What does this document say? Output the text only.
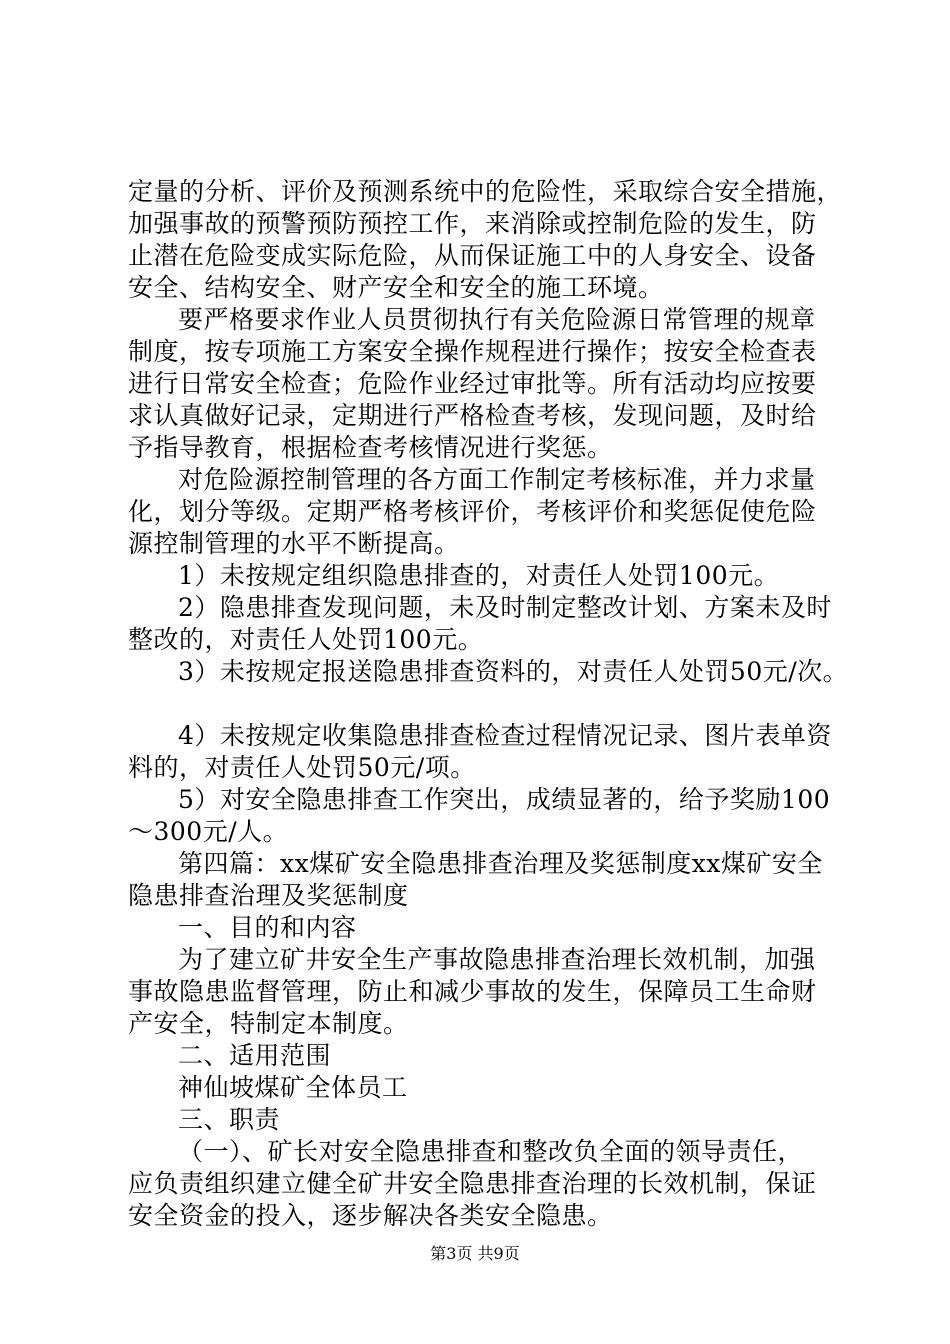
定量的分析、评价及预测系统中的危险性，采取综合安全措施，
加强事故的预警预防预控工作，来消除或控制危险的发生，防
止潜在危险变成实际危险，从而保证施工中的人身安全、设备
安全、结构安全、财产安全和安全的施工环境。
要严格要求作业人员贯彻执行有关危险源日常管理的规章
制度，按专项施工方案安全操作规程进行操作；按安全检查表
进行日常安全检查；危险作业经过审批等。所有活动均应按要
求认真做好记录，定期进行严格检查考核，发现问题，及时给
予指导教育，根据检查考核情况进行奖惩。
对危险源控制管理的各方面工作制定考核标准，并力求量
化，划分等级。定期严格考核评价，考核评价和奖惩促使危险
源控制管理的水平不断提高。
1）未按规定组织隐患排查的，对责任人处罚100元。
2）隐患排查发现问题，未及时制定整改计划、方案未及时
整改的，对责任人处罚100元。
3）未按规定报送隐患排查资料的，对责任人处罚50元/次。
4）未按规定收集隐患排查检查过程情况记录、图片表单资
料的，对责任人处罚50元/项。
5）对安全隐患排查工作突出，成绩显著的，给予奖励100
～300元/人。
第四篇：xx煤矿安全隐患排查治理及奖惩制度xx煤矿安全
隐患排查治理及奖惩制度
一、目的和内容
为了建立矿井安全生产事故隐患排查治理长效机制，加强
事故隐患监督管理，防止和减少事故的发生，保障员工生命财
产安全，特制定本制度。
二、适用范围
神仙坡煤矿全体员工
三、职责
（一）、矿长对安全隐患排查和整改负全面的领导责任，
应负责组织建立健全矿井安全隐患排查治理的长效机制，保证
安全资金的投入，逐步解决各类安全隐患。
第3页 共9页
